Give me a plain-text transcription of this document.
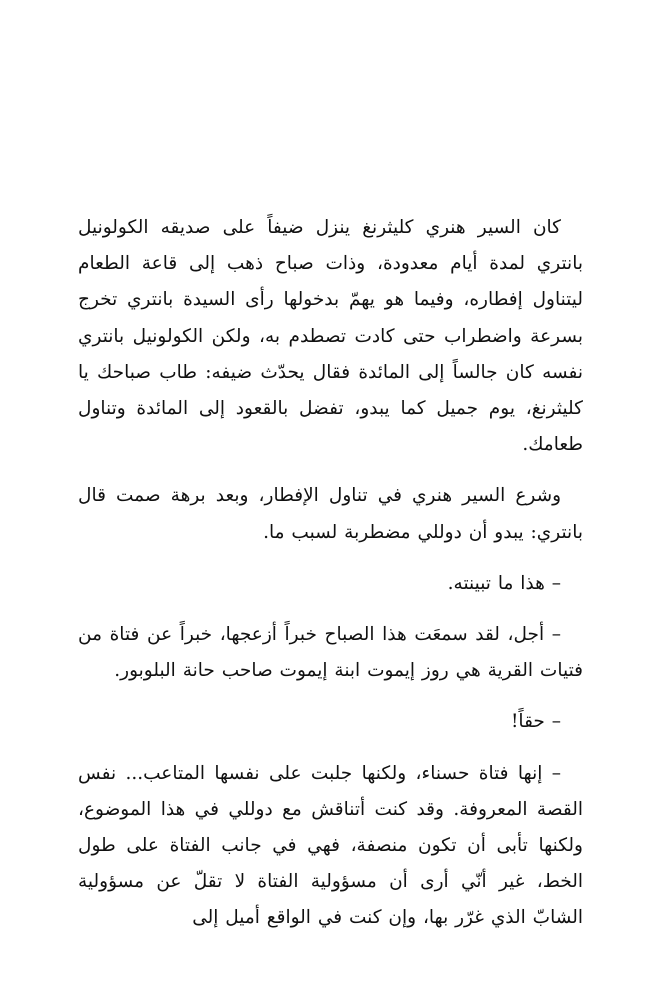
كان السير هنري كليثرنغ ينزل ضيفاً على صديقه الكولونيل بانتري لمدة أيام معدودة، وذات صباح ذهب إلى قاعة الطعام ليتناول إفطاره، وفيما هو يهمّ بدخولها رأى السيدة بانتري تخرج بسرعة واضطراب حتى كادت تصطدم به، ولكن الكولونيل بانتري نفسه كان جالساً إلى المائدة فقال يحدّث ضيفه: طاب صباحك يا كليثرنغ، يوم جميل كما يبدو، تفضل بالقعود إلى المائدة وتناول طعامك.

وشرع السير هنري في تناول الإفطار، وبعد برهة صمت قال بانتري: يبدو أن دوللي مضطربة لسبب ما.

– هذا ما تبينته.

– أجل، لقد سمعَت هذا الصباح خبراً أزعجها، خبراً عن فتاة من فتيات القرية هي روز إيموت ابنة إيموت صاحب حانة البلوبور.

– حقاً!

– إنها فتاة حسناء، ولكنها جلبت على نفسها المتاعب... نفس القصة المعروفة. وقد كنت أتناقش مع دوللي في هذا الموضوع، ولكنها تأبى أن تكون منصفة، فهي في جانب الفتاة على طول الخط، غير أنّي أرى أن مسؤولية الفتاة لا تقلّ عن مسؤولية الشابّ الذي غرّر بها، وإن كنت في الواقع أميل إلى
